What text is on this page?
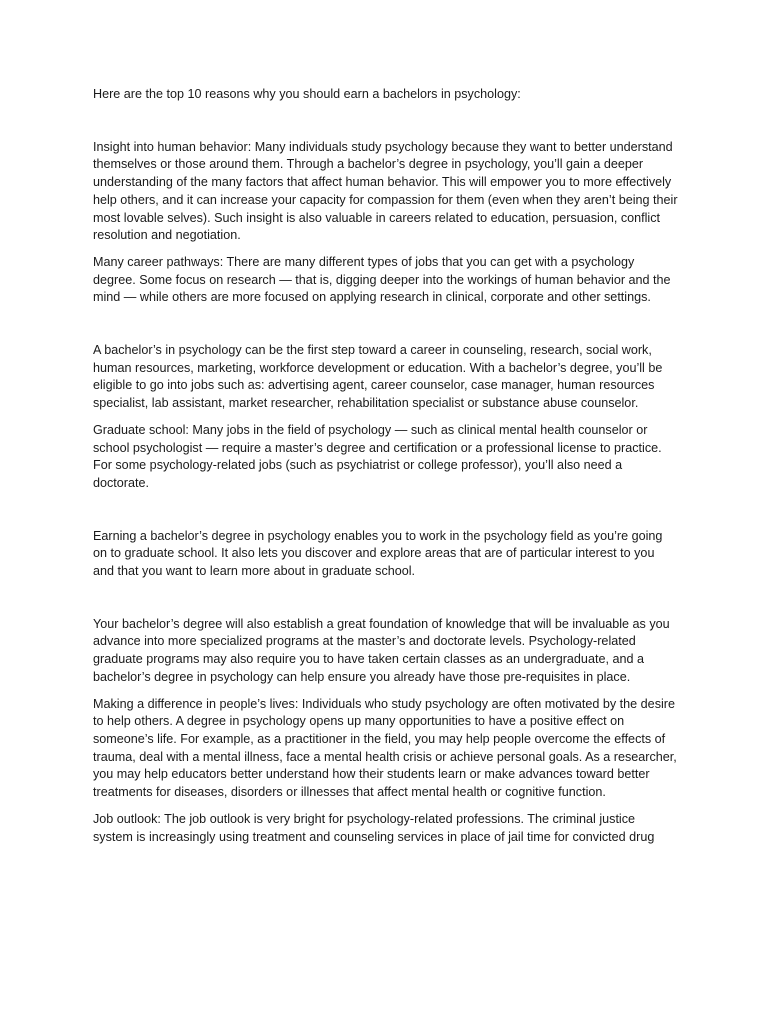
Here are the top 10 reasons why you should earn a bachelors in psychology:

Insight into human behavior: Many individuals study psychology because they want to better understand themselves or those around them. Through a bachelor’s degree in psychology, you’ll gain a deeper understanding of the many factors that affect human behavior. This will empower you to more effectively help others, and it can increase your capacity for compassion for them (even when they aren’t being their most lovable selves). Such insight is also valuable in careers related to education, persuasion, conflict resolution and negotiation.

Many career pathways: There are many different types of jobs that you can get with a psychology degree. Some focus on research — that is, digging deeper into the workings of human behavior and the mind — while others are more focused on applying research in clinical, corporate and other settings.

A bachelor’s in psychology can be the first step toward a career in counseling, research, social work, human resources, marketing, workforce development or education. With a bachelor’s degree, you’ll be eligible to go into jobs such as: advertising agent, career counselor, case manager, human resources specialist, lab assistant, market researcher, rehabilitation specialist or substance abuse counselor.

Graduate school: Many jobs in the field of psychology — such as clinical mental health counselor or school psychologist — require a master’s degree and certification or a professional license to practice. For some psychology-related jobs (such as psychiatrist or college professor), you’ll also need a doctorate.

Earning a bachelor’s degree in psychology enables you to work in the psychology field as you’re going on to graduate school. It also lets you discover and explore areas that are of particular interest to you and that you want to learn more about in graduate school.

Your bachelor’s degree will also establish a great foundation of knowledge that will be invaluable as you advance into more specialized programs at the master’s and doctorate levels. Psychology-related graduate programs may also require you to have taken certain classes as an undergraduate, and a bachelor’s degree in psychology can help ensure you already have those pre-requisites in place.

Making a difference in people’s lives: Individuals who study psychology are often motivated by the desire to help others. A degree in psychology opens up many opportunities to have a positive effect on someone’s life. For example, as a practitioner in the field, you may help people overcome the effects of trauma, deal with a mental illness, face a mental health crisis or achieve personal goals. As a researcher, you may help educators better understand how their students learn or make advances toward better treatments for diseases, disorders or illnesses that affect mental health or cognitive function.

Job outlook: The job outlook is very bright for psychology-related professions. The criminal justice system is increasingly using treatment and counseling services in place of jail time for convicted drug
